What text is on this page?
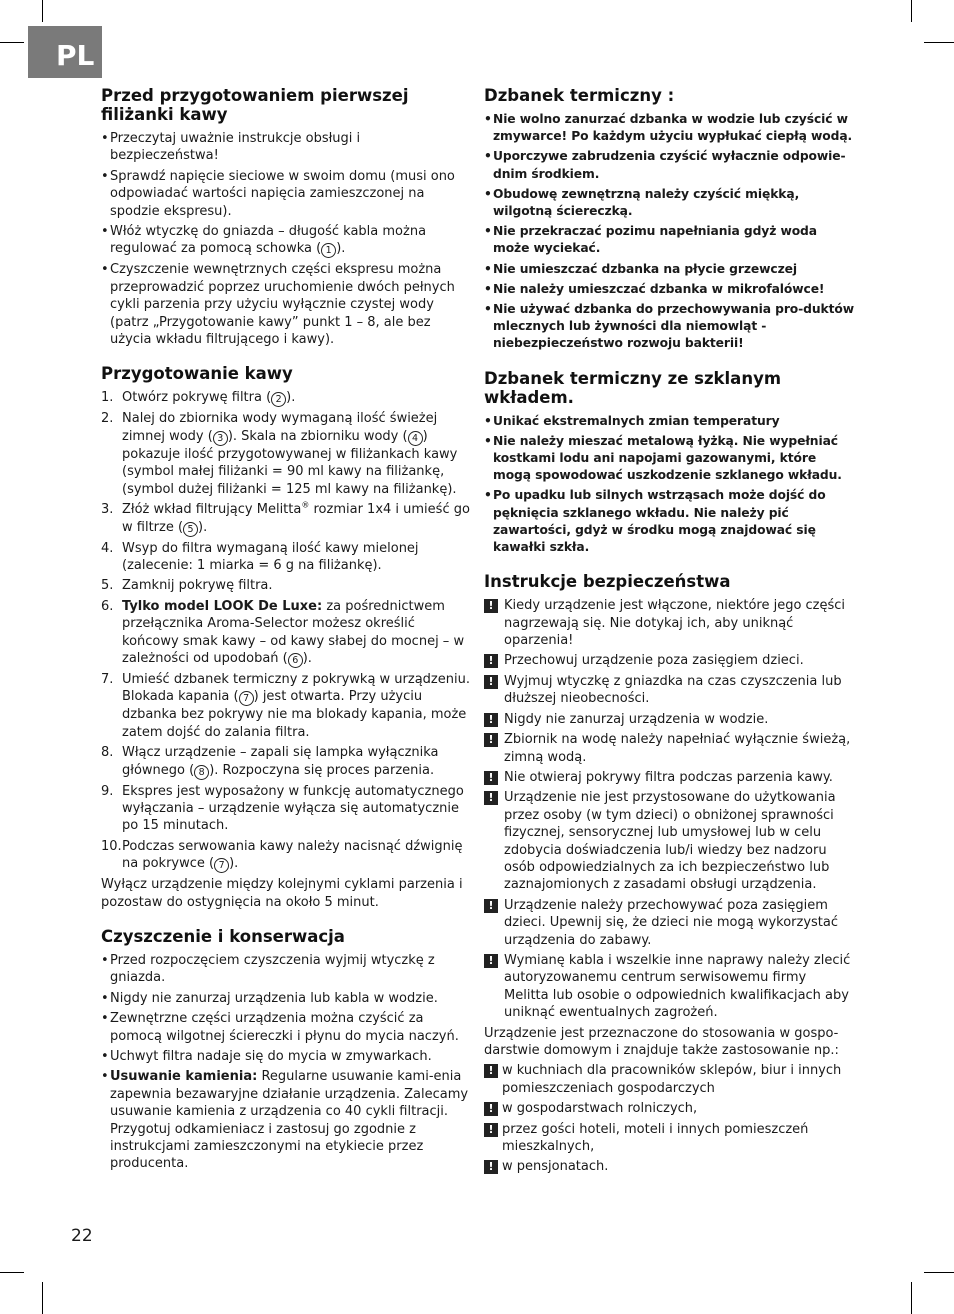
PL
Przed przygotowaniem pierwszej filiżanki kawy
• Przeczytaj uważnie instrukcje obsługi i bezpieczeństwa!
• Sprawdź napięcie sieciowe w swoim domu (musi ono odpowiadać wartości napięcia zamieszczonej na spodzie ekspresu).
• Włóż wtyczkę do gniazda – długość kabla można regulować za pomocą schowka ( 1 ).
• Czyszczenie wewnętrznych części ekspresu można przeprowadzić poprzez uruchomienie dwóch pełnych cykli parzenia przy użyciu wyłącznie czystej wody (patrz „Przygotowanie kawy” punkt 1 – 8, ale bez użycia wkładu filtrującego i kawy).
Przygotowanie kawy
1. Otwórz pokrywę filtra ( 2 ).
2. Nalej do zbiornika wody wymaganą ilość świeżej zimnej wody ( 3 ). Skala na zbiorniku wody ( 4 ) pokazuje ilość przygotowywanej w filiżankach kawy (symbol małej filiżanki = 90 ml kawy na filiżankę, (symbol dużej filiżanki = 125 ml kawy na filiżankę).
3. Złóż wkład filtrujący Melitta® rozmiar 1x4 i umieść go w filtrze ( 5 ).
4. Wsyp do filtra wymaganą ilość kawy mielonej (zalecenie: 1 miarka = 6 g na filiżankę).
5. Zamknij pokrywę filtra.
6. Tylko model LOOK De Luxe: za pośrednictwem przełącznika Aroma-Selector możesz określić końcowy smak kawy – od kawy słabej do mocnej – w zależności od upodobań ( 6 ).
7. Umieść dzbanek termiczny z pokrywką w urządzeniu. Blokada kapania ( 7 ) jest otwarta. Przy użyciu dzbanka bez pokrywy nie ma blokady kapania, może zatem dojść do zalania filtra.
8. Włącz urządzenie – zapali się lampka wyłącznika głównego ( 8 ). Rozpoczyna się proces parzenia.
9. Ekspres jest wyposażony w funkcję automatycznego wyłączania – urządzenie wyłącza się automatycznie po 15 minutach.
10. Podczas serwowania kawy należy nacisnąć dźwignię na pokrywce ( 7 ).
Wyłącz urządzenie między kolejnymi cyklami parzenia i pozostaw do ostygnięcia na około 5 minut.
Czyszczenie i konserwacja
• Przed rozpoczęciem czyszczenia wyjmij wtyczkę z gniazda.
• Nigdy nie zanurzaj urządzenia lub kabla w wodzie.
• Zewnętrzne części urządzenia można czyścić za pomocą wilgotnej ściereczki i płynu do mycia naczyń.
• Uchwyt filtra nadaje się do mycia w zmywarkach.
• Usuwanie kamienia: Regularne usuwanie kami-enia zapewnia bezawaryjne działanie urządzenia. Zalecamy usuwanie kamienia z urządzenia co 40 cykli filtracji. Przygotuj odkamieniacz i zastosuj go zgodnie z instrukcjami zamieszczonymi na etykiecie przez producenta.
Dzbanek termiczny :
• Nie wolno zanurzać dzbanka w wodzie lub czyścić w zmywarce! Po każdym użyciu wypłukać ciepłą wodą.
• Uporczywe zabrudzenia czyścić wyłacznie odpowie-dnim środkiem.
• Obudowę zewnętrzną należy czyścić miękką, wilgotną ściereczką.
• Nie przekraczać pozimu napełniania gdyż woda może wyciekać.
• Nie umieszczać dzbanka na płycie grzewczej
• Nie należy umieszczać dzbanka w mikrofalówce!
• Nie używać dzbanka do przechowywania pro-duktów mlecznych lub żywności dla niemowląt - niebezpieczeństwo rozwoju bakterii!
Dzbanek termiczny ze szklanym wkładem.
• Unikać ekstremalnych zmian temperatury
• Nie należy mieszać metalową łyżką. Nie wypełniać kostkami lodu ani napojami gazowanymi, które mogą spowodować uszkodzenie szklanego wkładu.
• Po upadku lub silnych wstrząsach może dojść do pęknięcia szklanego wkładu. Nie należy pić zawartości, gdyż w środku mogą znajdować się kawałki szkła.
Instrukcje bezpieczeństwa
! Kiedy urządzenie jest włączone, niektóre jego części nagrzewają się. Nie dotykaj ich, aby uniknąć oparzenia!
! Przechowuj urządzenie poza zasięgiem dzieci.
! Wyjmuj wtyczkę z gniazdka na czas czyszczenia lub dłuższej nieobecności.
! Nigdy nie zanurzaj urządzenia w wodzie.
! Zbiornik na wodę należy napełniać wyłącznie świeżą, zimną wodą.
! Nie otwieraj pokrywy filtra podczas parzenia kawy.
! Urządzenie nie jest przystosowane do użytkowania przez osoby (w tym dzieci) o obniżonej sprawności fizycznej, sensorycznej lub umysłowej lub w celu zdobycia doświadczenia lub/i wiedzy bez nadzoru osób odpowiedzialnych za ich bezpieczeństwo lub zaznajomionych z zasadami obsługi urządzenia.
! Urządzenie należy przechowywać poza zasięgiem dzieci. Upewnij się, że dzieci nie mogą wykorzystać urządzenia do zabawy.
! Wymianę kabla i wszelkie inne naprawy należy zlecić autoryzowanemu centrum serwisowemu firmy Melitta lub osobie o odpowiednich kwalifikacjach aby uniknąć ewentualnych zagrożeń.
Urządzenie jest przeznaczone do stosowania w gospo-darstwie domowym i znajduje także zastosowanie np.:
! w kuchniach dla pracowników sklepów, biur i innych pomieszczeniach gospodarczych
! w gospodarstwach rolniczych,
! przez gości hoteli, moteli i innych pomieszczeń mieszkalnych,
! w pensjonatach.
22
